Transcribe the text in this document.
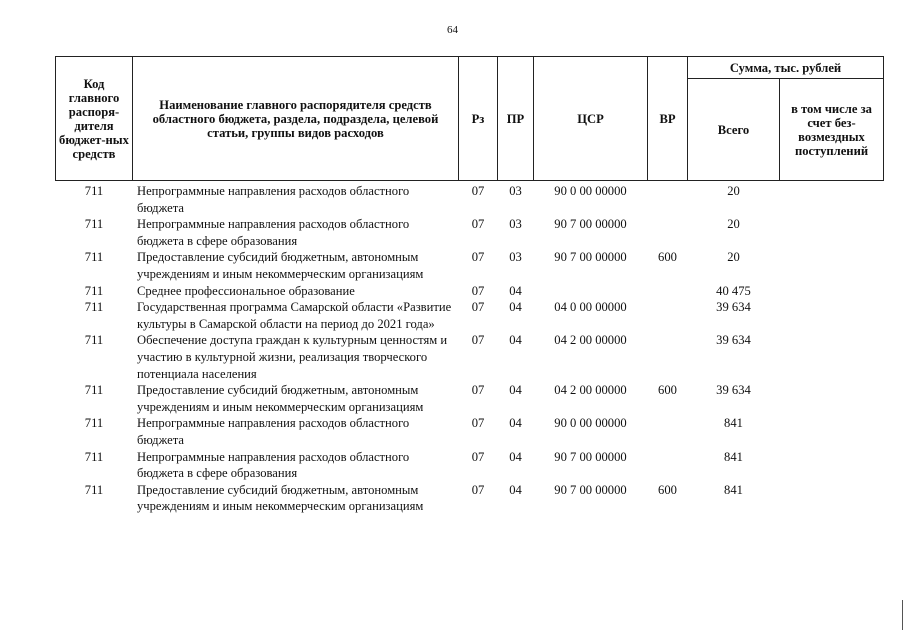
64
Код главного распоря-дителя бюджет-ных средств	Наименование главного распорядителя средств областного бюджета, раздела, подраздела, целевой статьи, группы видов расходов	Рз	ПР	ЦСР	ВР	Сумма, тыс. рублей	
						Всего	в том числе за счет без-возмездных поступлений
711	Непрограммные направления расходов областного бюджета	07	03	90 0 00 00000		20	
711	Непрограммные направления расходов областного бюджета в сфере образования	07	03	90 7 00 00000		20	
711	Предоставление субсидий бюджетным, автономным учреждениям и иным некоммерческим организациям	07	03	90 7 00 00000	600	20	
711	Среднее профессиональное образование	07	04			40 475	
711	Государственная программа Самарской области «Развитие культуры в Самарской области на период до 2021 года»	07	04	04 0 00 00000		39 634	
711	Обеспечение доступа граждан к культурным ценностям и участию в культурной жизни, реализация творческого потенциала населения	07	04	04 2 00 00000		39 634	
711	Предоставление субсидий бюджетным, автономным учреждениям и иным некоммерческим организациям	07	04	04 2 00 00000	600	39 634	
711	Непрограммные направления расходов областного бюджета	07	04	90 0 00 00000		841	
711	Непрограммные направления расходов областного бюджета в сфере образования	07	04	90 7 00 00000		841	
711	Предоставление субсидий бюджетным, автономным учреждениям и иным некоммерческим организациям	07	04	90 7 00 00000	600	841	
